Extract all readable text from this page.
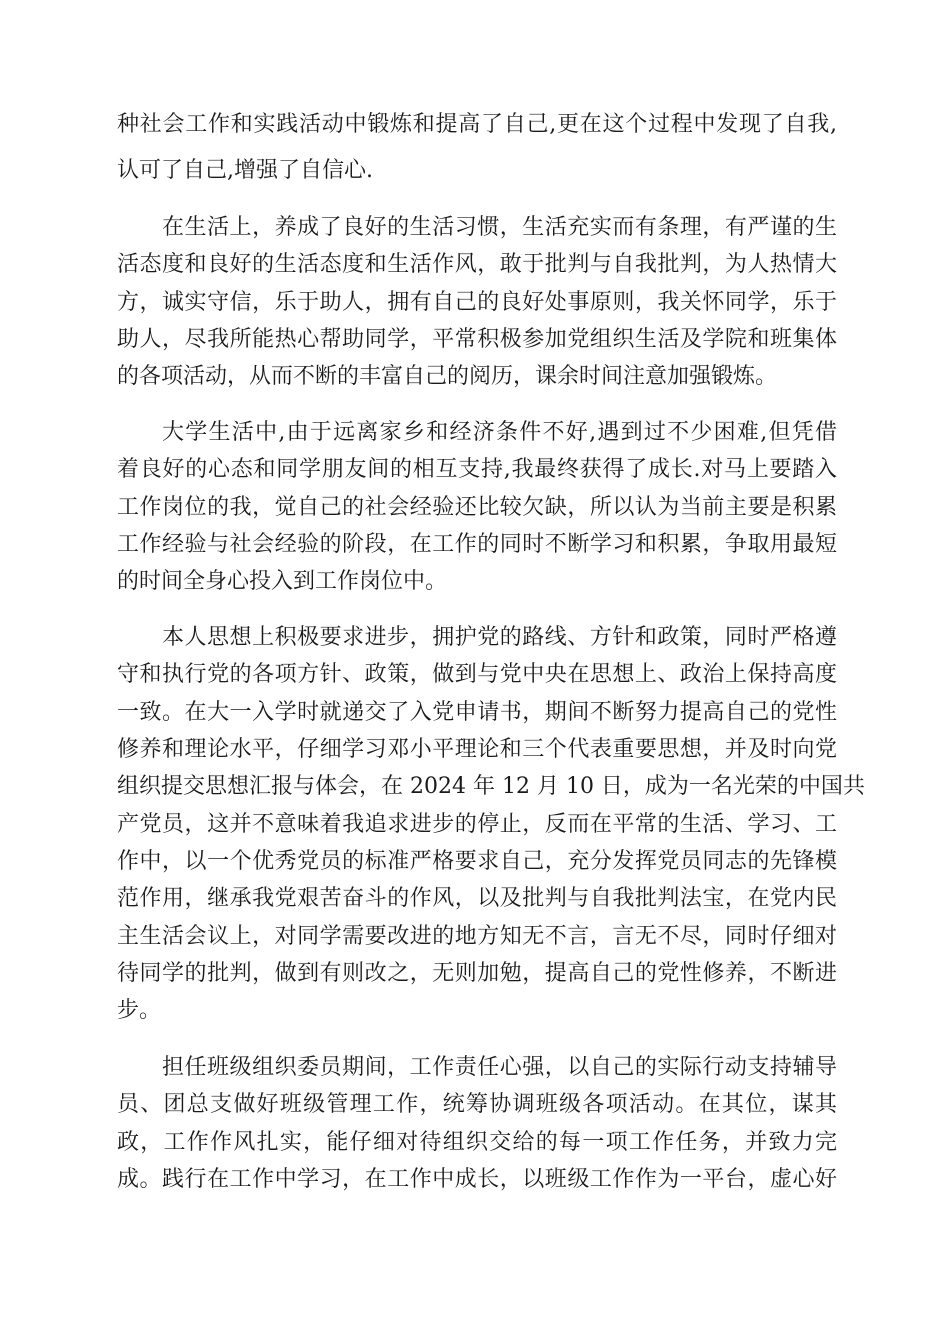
种社会工作和实践活动中锻炼和提高了自己,更在这个过程中发现了自我,

认可了自己,增强了自信心.

在生活上，养成了良好的生活习惯，生活充实而有条理，有严谨的生

活态度和良好的生活态度和生活作风，敢于批判与自我批判，为人热情大

方，诚实守信，乐于助人，拥有自己的良好处事原则，我关怀同学，乐于

助人，尽我所能热心帮助同学，平常积极参加党组织生活及学院和班集体

的各项活动，从而不断的丰富自己的阅历，课余时间注意加强锻炼。

大学生活中,由于远离家乡和经济条件不好,遇到过不少困难,但凭借

着良好的心态和同学朋友间的相互支持,我最终获得了成长.对马上要踏入

工作岗位的我，觉自己的社会经验还比较欠缺，所以认为当前主要是积累

工作经验与社会经验的阶段，在工作的同时不断学习和积累，争取用最短

的时间全身心投入到工作岗位中。

本人思想上积极要求进步，拥护党的路线、方针和政策，同时严格遵

守和执行党的各项方针、政策，做到与党中央在思想上、政治上保持高度

一致。在大一入学时就递交了入党申请书，期间不断努力提高自己的党性

修养和理论水平，仔细学习邓小平理论和三个代表重要思想，并及时向党

组织提交思想汇报与体会，在 2024 年 12 月 10 日，成为一名光荣的中国共

产党员，这并不意味着我追求进步的停止，反而在平常的生活、学习、工

作中，以一个优秀党员的标准严格要求自己，充分发挥党员同志的先锋模

范作用，继承我党艰苦奋斗的作风，以及批判与自我批判法宝，在党内民

主生活会议上，对同学需要改进的地方知无不言，言无不尽，同时仔细对

待同学的批判，做到有则改之，无则加勉，提高自己的党性修养，不断进

步。

担任班级组织委员期间，工作责任心强，以自己的实际行动支持辅导

员、团总支做好班级管理工作，统筹协调班级各项活动。在其位，谋其

政，工作作风扎实，能仔细对待组织交给的每一项工作任务，并致力完

成。践行在工作中学习，在工作中成长，以班级工作作为一平台，虚心好
